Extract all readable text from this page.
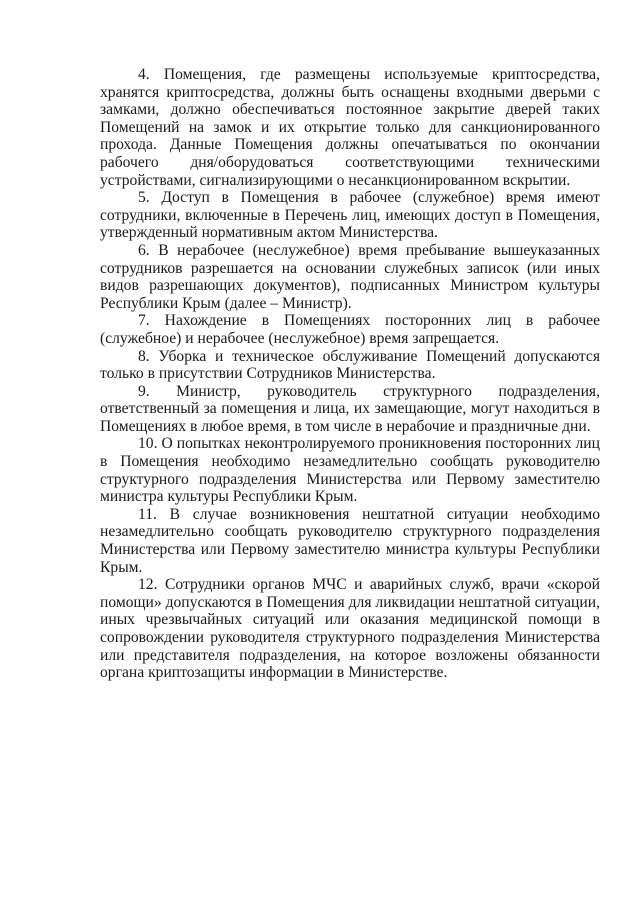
4. Помещения, где размещены используемые криптосредства, хранятся криптосредства, должны быть оснащены входными дверьми с замками, должно обеспечиваться постоянное закрытие дверей таких Помещений на замок и их открытие только для санкционированного прохода. Данные Помещения должны опечатываться по окончании рабочего дня/оборудоваться соответствующими техническими устройствами, сигнализирующими о несанкционированном вскрытии.

5. Доступ в Помещения в рабочее (служебное) время имеют сотрудники, включенные в Перечень лиц, имеющих доступ в Помещения, утвержденный нормативным актом Министерства.

6. В нерабочее (неслужебное) время пребывание вышеуказанных сотрудников разрешается на основании служебных записок (или иных видов разрешающих документов), подписанных Министром культуры Республики Крым (далее – Министр).

7. Нахождение в Помещениях посторонних лиц в рабочее (служебное) и нерабочее (неслужебное) время запрещается.

8. Уборка и техническое обслуживание Помещений допускаются только в присутствии Сотрудников Министерства.

9. Министр, руководитель структурного подразделения, ответственный за помещения и лица, их замещающие, могут находиться в Помещениях в любое время, в том числе в нерабочие и праздничные дни.

10. О попытках неконтролируемого проникновения посторонних лиц в Помещения необходимо незамедлительно сообщать руководителю структурного подразделения Министерства или Первому заместителю министра культуры Республики Крым.

11. В случае возникновения нештатной ситуации необходимо незамедлительно сообщать руководителю структурного подразделения Министерства или Первому заместителю министра культуры Республики Крым.

12. Сотрудники органов МЧС и аварийных служб, врачи «скорой помощи» допускаются в Помещения для ликвидации нештатной ситуации, иных чрезвычайных ситуаций или оказания медицинской помощи в сопровождении руководителя структурного подразделения Министерства или представителя подразделения, на которое возложены обязанности органа криптозащиты информации в Министерстве.
